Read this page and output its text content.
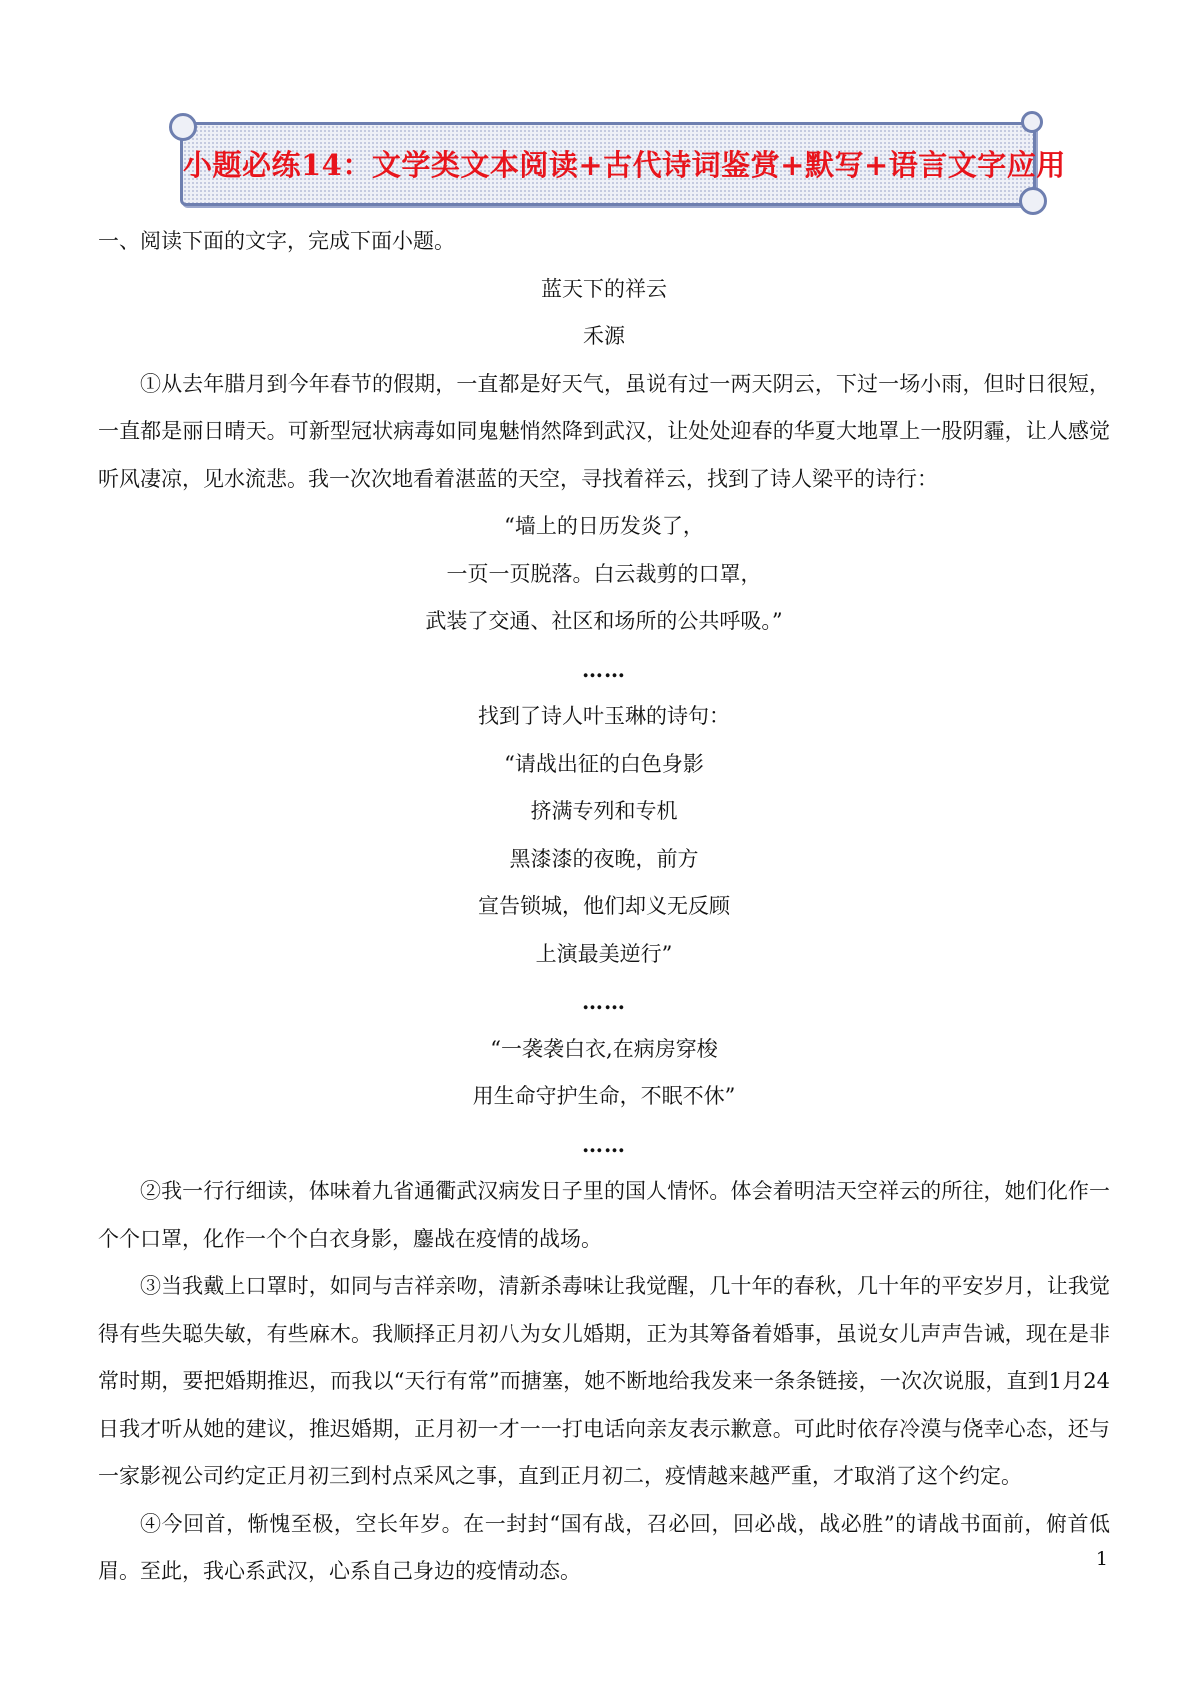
小题必练14：文学类文本阅读+古代诗词鉴赏+默写+语言文字应用

一、阅读下面的文字，完成下面小题。

蓝天下的祥云

禾源

①从去年腊月到今年春节的假期，一直都是好天气，虽说有过一两天阴云，下过一场小雨，但时日很短，一直都是丽日晴天。可新型冠状病毒如同鬼魅悄然降到武汉，让处处迎春的华夏大地罩上一股阴霾，让人感觉听风凄凉，见水流悲。我一次次地看着湛蓝的天空，寻找着祥云，找到了诗人梁平的诗行：

“墙上的日历发炎了，

一页一页脱落。白云裁剪的口罩，

武装了交通、社区和场所的公共呼吸。”

……

找到了诗人叶玉琳的诗句：

“请战出征的白色身影

挤满专列和专机

黑漆漆的夜晚，前方

宣告锁城，他们却义无反顾

上演最美逆行”

……

“一袭袭白衣,在病房穿梭

用生命守护生命，不眠不休”

……

②我一行行细读，体味着九省通衢武汉病发日子里的国人情怀。体会着明洁天空祥云的所往，她们化作一个个口罩，化作一个个白衣身影，鏖战在疫情的战场。

③当我戴上口罩时，如同与吉祥亲吻，清新杀毒味让我觉醒，几十年的春秋，几十年的平安岁月，让我觉得有些失聪失敏，有些麻木。我顺择正月初八为女儿婚期，正为其筹备着婚事，虽说女儿声声告诫，现在是非常时期，要把婚期推迟，而我以“天行有常”而搪塞，她不断地给我发来一条条链接，一次次说服，直到1月24日我才听从她的建议，推迟婚期，正月初一才一一打电话向亲友表示歉意。可此时依存冷漠与侥幸心态，还与一家影视公司约定正月初三到村点采风之事，直到正月初二，疫情越来越严重，才取消了这个约定。

④今回首，惭愧至极，空长年岁。在一封封“国有战，召必回，回必战，战必胜”的请战书面前，俯首低眉。至此，我心系武汉，心系自己身边的疫情动态。	1
